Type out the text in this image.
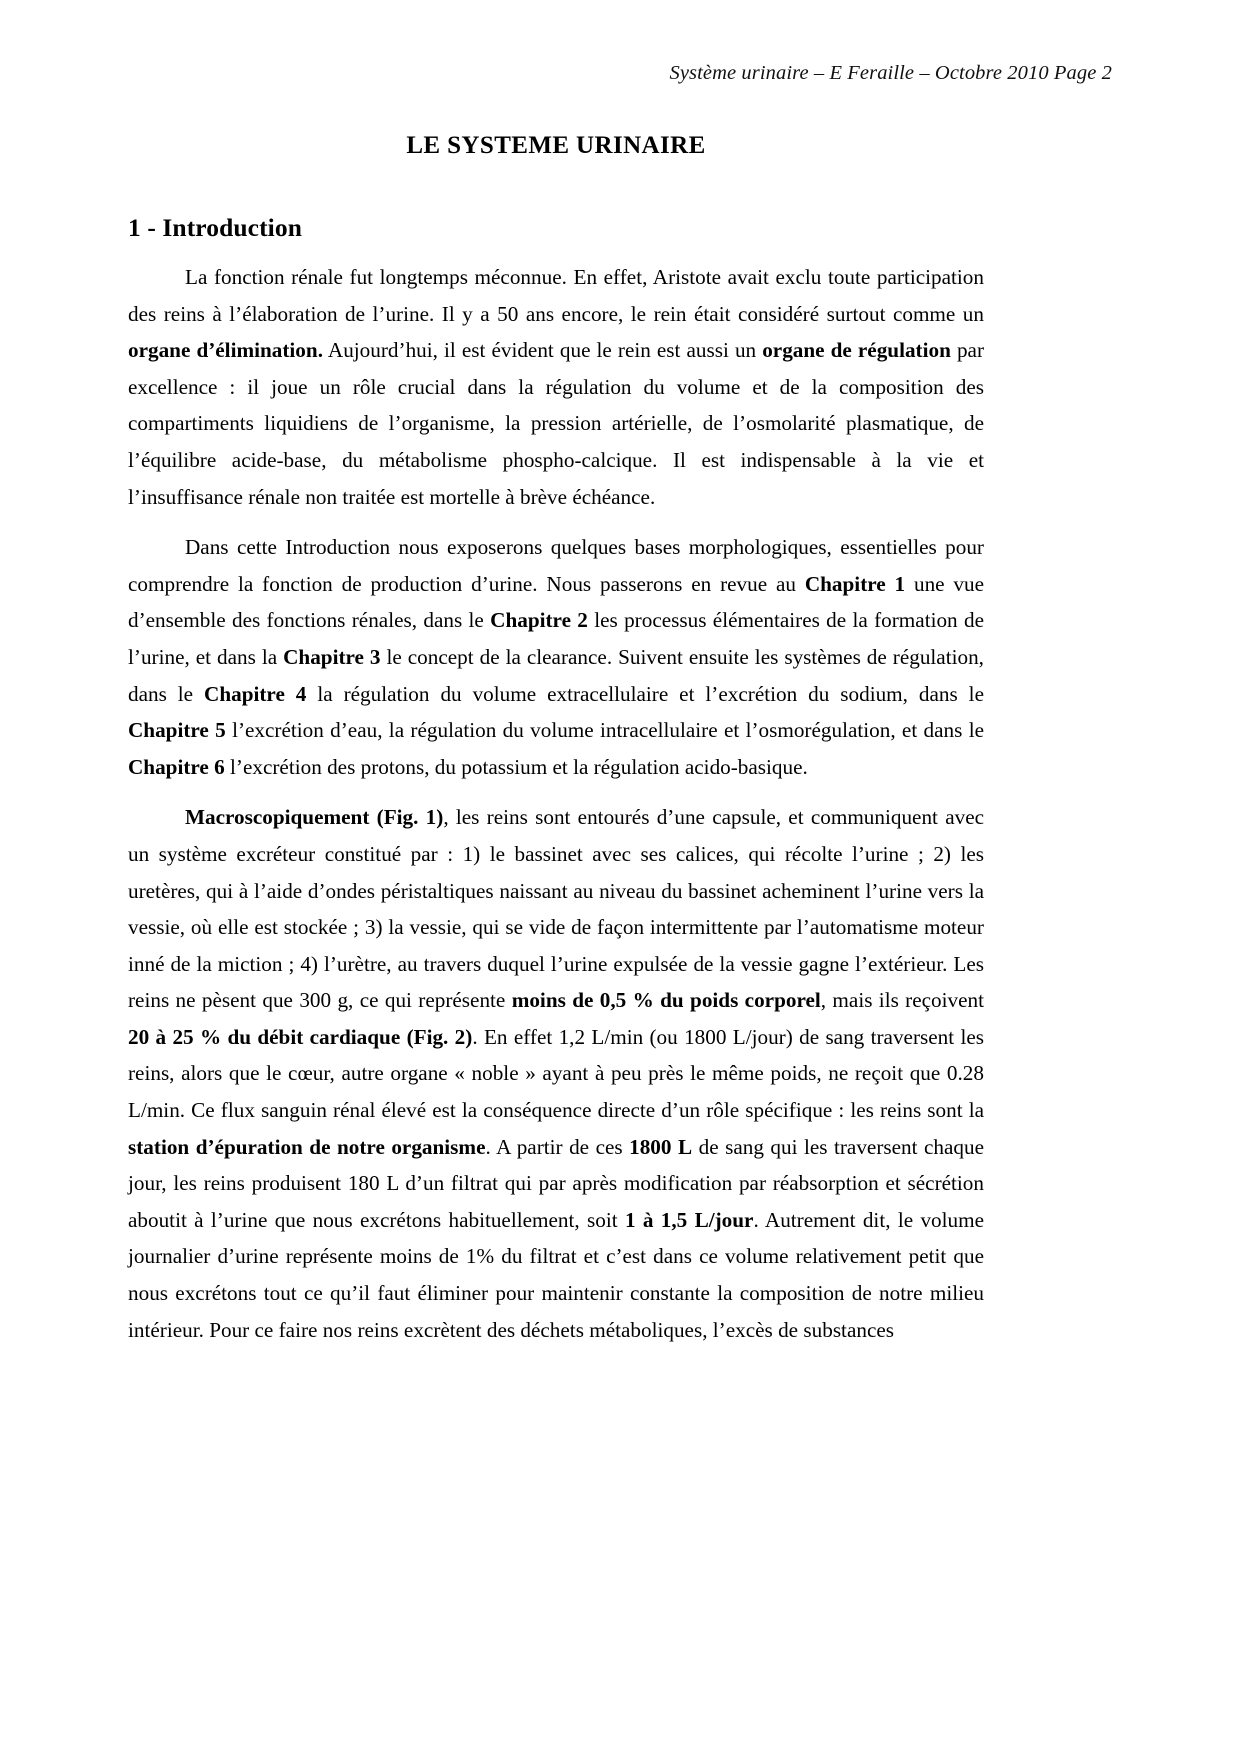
Système urinaire – E Feraille – Octobre 2010 Page 2
LE SYSTEME URINAIRE
1 - Introduction

La fonction rénale fut longtemps méconnue. En effet, Aristote avait exclu toute participation des reins à l’élaboration de l’urine. Il y a 50 ans encore, le rein était considéré surtout comme un organe d’élimination. Aujourd’hui, il est évident que le rein est aussi un organe de régulation par excellence : il joue un rôle crucial dans la régulation du volume et de la composition des compartiments liquidiens de l’organisme, la pression artérielle, de l’osmolarité plasmatique, de l’équilibre acide-base, du métabolisme phospho-calcique. Il est indispensable à la vie et l’insuffisance rénale non traitée est mortelle à brève échéance.

Dans cette Introduction nous exposerons quelques bases morphologiques, essentielles pour comprendre la fonction de production d’urine. Nous passerons en revue au Chapitre 1 une vue d’ensemble des fonctions rénales, dans le Chapitre 2 les processus élémentaires de la formation de l’urine, et dans la Chapitre 3 le concept de la clearance. Suivent ensuite les systèmes de régulation, dans le Chapitre 4 la régulation du volume extracellulaire et l’excrétion du sodium, dans le Chapitre 5 l’excrétion d’eau, la régulation du volume intracellulaire et l’osmorégulation, et dans le Chapitre 6 l’excrétion des protons, du potassium et la régulation acido-basique.

Macroscopiquement (Fig. 1), les reins sont entourés d’une capsule, et communiquent avec un système excréteur constitué par : 1) le bassinet avec ses calices, qui récolte l’urine ; 2) les uretères, qui à l’aide d’ondes péristaltiques naissant au niveau du bassinet acheminent l’urine vers la vessie, où elle est stockée ; 3) la vessie, qui se vide de façon intermittente par l’automatisme moteur inné de la miction ; 4) l’urètre, au travers duquel l’urine expulsée de la vessie gagne l’extérieur. Les reins ne pèsent que 300 g, ce qui représente moins de 0,5 % du poids corporel, mais ils reçoivent 20 à 25 % du débit cardiaque (Fig. 2). En effet 1,2 L/min (ou 1800 L/jour) de sang traversent les reins, alors que le cœur, autre organe « noble » ayant à peu près le même poids, ne reçoit que 0.28 L/min. Ce flux sanguin rénal élevé est la conséquence directe d’un rôle spécifique : les reins sont la station d’épuration de notre organisme. A partir de ces 1800 L de sang qui les traversent chaque jour, les reins produisent 180 L d’un filtrat qui par après modification par réabsorption et sécrétion aboutit à l’urine que nous excrétons habituellement, soit 1 à 1,5 L/jour. Autrement dit, le volume journalier d’urine représente moins de 1% du filtrat et c’est dans ce volume relativement petit que nous excrétons tout ce qu’il faut éliminer pour maintenir constante la composition de notre milieu intérieur. Pour ce faire nos reins excrètent des déchets métaboliques, l’excès de substances
